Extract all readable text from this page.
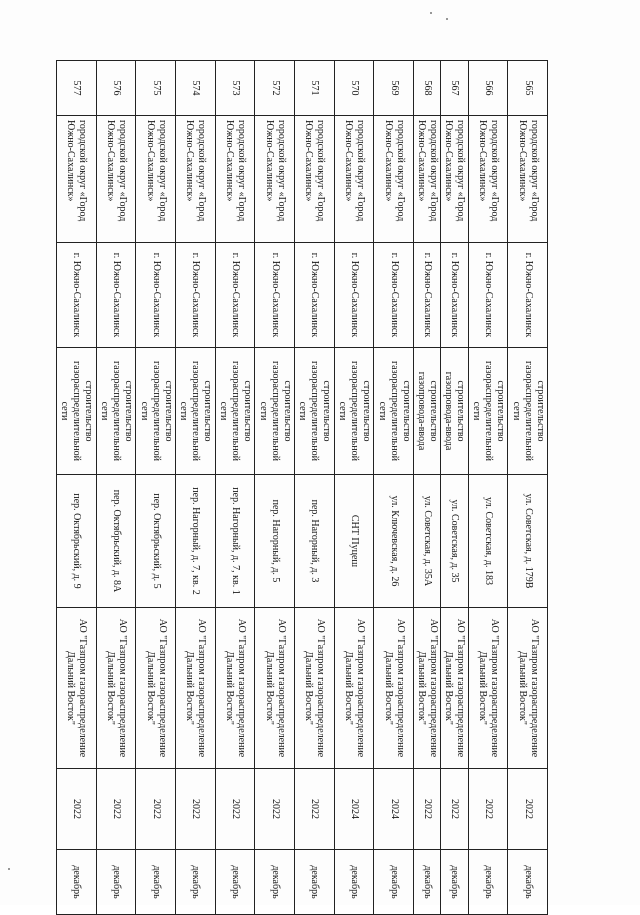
565	городской округ «Город Южно-Сахалинск»	г. Южно-Сахалинск	строительство газораспределительной сети	ул. Советская, д. 179В	АО "Газпром газораспределение Дальний Восток"	2022	декабрь
566	городской округ «Город Южно-Сахалинск»	г. Южно-Сахалинск	строительство газораспределительной сети	ул. Советская, д. 183	АО "Газпром газораспределение Дальний Восток"	2022	декабрь
567	городской округ «Город Южно-Сахалинск»	г. Южно-Сахалинск	строительство газопровода-ввода	ул. Советская, д. 35	АО "Газпром газораспределение Дальний Восток"	2022	декабрь
568	городской округ «Город Южно-Сахалинск»	г. Южно-Сахалинск	строительство газопровода-ввода	ул. Советская, д. 35А	АО "Газпром газораспределение Дальний Восток"	2022	декабрь
569	городской округ «Город Южно-Сахалинск»	г. Южно-Сахалинск	строительство газораспределительной сети	ул. Ключевская, д. 26	АО "Газпром газораспределение Дальний Восток"	2024	декабрь
570	городской округ «Город Южно-Сахалинск»	г. Южно-Сахалинск	строительство газораспределительной сети	СНТ Пуцеш	АО "Газпром газораспределение Дальний Восток"	2024	декабрь
571	городской округ «Город Южно-Сахалинск»	г. Южно-Сахалинск	строительство газораспределительной сети	пер. Нагорный, д. 3	АО "Газпром газораспределение Дальний Восток"	2022	декабрь
572	городской округ «Город Южно-Сахалинск»	г. Южно-Сахалинск	строительство газораспределительной сети	пер. Нагорный, д. 5	АО "Газпром газораспределение Дальний Восток"	2022	декабрь
573	городской округ «Город Южно-Сахалинск»	г. Южно-Сахалинск	строительство газораспределительной сети	пер. Нагорный, д. 7, кв. 1	АО "Газпром газораспределение Дальний Восток"	2022	декабрь
574	городской округ «Город Южно-Сахалинск»	г. Южно-Сахалинск	строительство газораспределительной сети	пер. Нагорный, д. 7, кв. 2	АО "Газпром газораспределение Дальний Восток"	2022	декабрь
575	городской округ «Город Южно-Сахалинск»	г. Южно-Сахалинск	строительство газораспределительной сети	пер. Октябрьский, д. 5	АО "Газпром газораспределение Дальний Восток"	2022	декабрь
576	городской округ «Город Южно-Сахалинск»	г. Южно-Сахалинск	строительство газораспределительной сети	пер. Октябрьский, д. 8А	АО "Газпром газораспределение Дальний Восток"	2022	декабрь
577	городской округ «Город Южно-Сахалинск»	г. Южно-Сахалинск	строительство газораспределительной сети	пер. Октябрьский, д. 9	АО "Газпром газораспределение Дальний Восток"	2022	декабрь
